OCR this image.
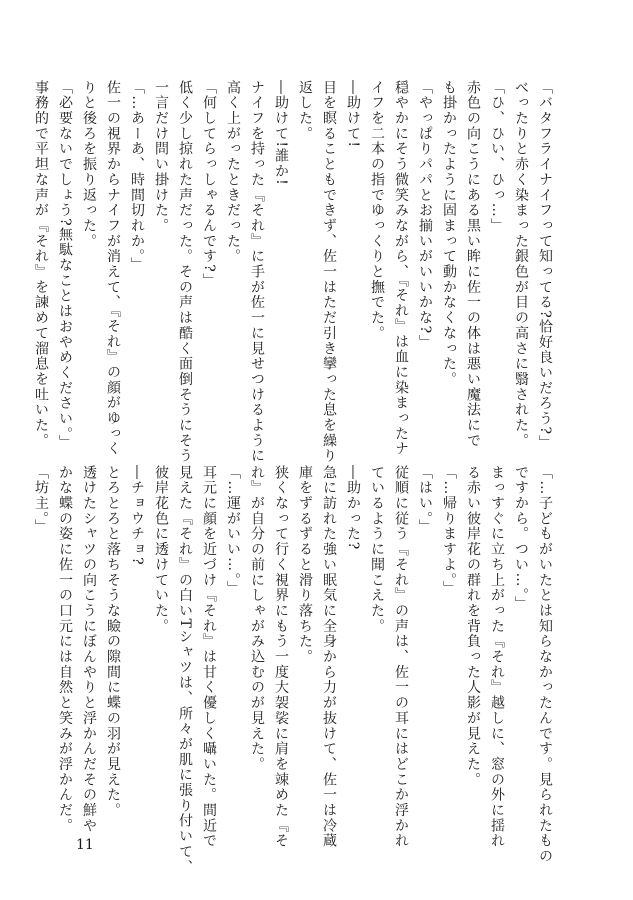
「バタフライナイフって知ってる?恰好良いだろう?」
べったりと赤く染まった銀色が目の高さに翳された。
「ひ、ひい、ひっ…」
赤色の向こうにある黒い眸に佐一の体は悪い魔法にで
も掛かったように固まって動かなくなった。
「やっぱりパパとお揃いがいいかな?」
穏やかにそう微笑みながら、『それ』は血に染まったナ
イフを二本の指でゆっくりと撫でた。
―助けて!
目を瞑ることもできず、佐一はただ引き攣った息を繰り
返した。
―助けて!誰か!
ナイフを持った『それ』に手が佐一に見せつけるように
高く上がったときだった。
「何してらっしゃるんです?」
低く少し掠れた声だった。その声は酷く面倒そうにそう
一言だけ問い掛けた。
「…あーあ、時間切れか。」
佐一の視界からナイフが消えて、『それ』の顔がゆっく
りと後ろを振り返った。
「必要ないでしょう?無駄なことはおやめください。」
事務的で平坦な声が『それ』を諫めて溜息を吐いた。
「…子どもがいたとは知らなかったんです。見られたもの
ですから。つい…。」
まっすぐに立ち上がった『それ』越しに、窓の外に揺れ
る赤い彼岸花の群れを背負った人影が見えた。
「…帰りますよ。」
「はい。」
従順に従う『それ』の声は、佐一の耳にはどこか浮かれ
ているように聞こえた。
―助かった?
急に訪れた強い眠気に全身から力が抜けて、佐一は冷蔵
庫をずるずると滑り落ちた。
狭くなって行く視界にもう一度大袈裟に肩を竦めた『そ
れ』が自分の前にしゃがみ込むのが見えた。
「…運がいい…。」
耳元に顔を近づけ『それ』は甘く優しく囁いた。間近で
見えた『それ』の白いTシャツは、所々が肌に張り付いて、
彼岸花色に透けていた。
―チョウチョ?
とろとろと落ちそうな瞼の隙間に蝶の羽が見えた。
透けたシャツの向こうにぼんやりと浮かんだその鮮や
かな蝶の姿に佐一の口元には自然と笑みが浮かんだ。
「坊主。」
11
